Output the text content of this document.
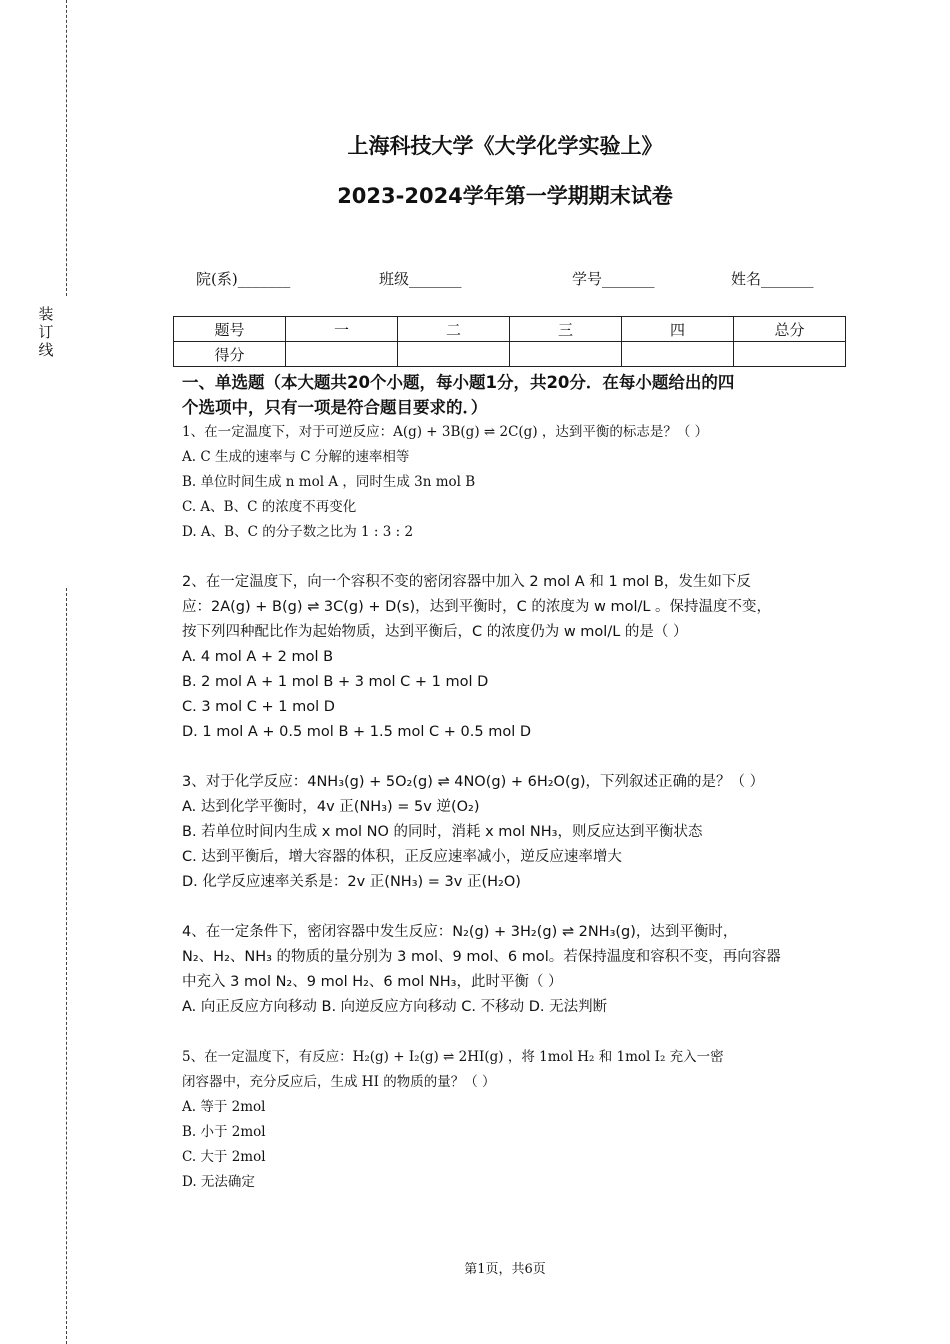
装订线
上海科技大学《大学化学实验上》
2023-2024学年第一学期期末试卷
院(系)_______	班级_______	学号_______	姓名_______
题号	一	二	三	四	总分
得分					

一、单选题（本大题共20个小题，每小题1分，共20分．在每小题给出的四

个选项中，只有一项是符合题目要求的．）

1、在一定温度下，对于可逆反应：A(g) + 3B(g) ⇌ 2C(g) ，达到平衡的标志是？（ ）

A. C 生成的速率与 C 分解的速率相等

B. 单位时间生成 n mol A ，同时生成 3n mol B

C. A、B、C 的浓度不再变化

D. A、B、C 的分子数之比为 1 : 3 : 2

2、在一定温度下，向一个容积不变的密闭容器中加入 2 mol A 和 1 mol B，发生如下反

应：2A(g) + B(g) ⇌ 3C(g) + D(s)，达到平衡时，C 的浓度为 w mol/L 。保持温度不变，

按下列四种配比作为起始物质，达到平衡后，C 的浓度仍为 w mol/L 的是（ ）

A. 4 mol A + 2 mol B

B. 2 mol A + 1 mol B + 3 mol C + 1 mol D

C. 3 mol C + 1 mol D

D. 1 mol A + 0.5 mol B + 1.5 mol C + 0.5 mol D

3、对于化学反应：4NH₃(g) + 5O₂(g) ⇌ 4NO(g) + 6H₂O(g)，下列叙述正确的是？（ ）

A. 达到化学平衡时，4v 正(NH₃) = 5v 逆(O₂)

B. 若单位时间内生成 x mol NO 的同时，消耗 x mol NH₃，则反应达到平衡状态

C. 达到平衡后，增大容器的体积，正反应速率减小，逆反应速率增大

D. 化学反应速率关系是：2v 正(NH₃) = 3v 正(H₂O)

4、在一定条件下，密闭容器中发生反应：N₂(g) + 3H₂(g) ⇌ 2NH₃(g)，达到平衡时，

N₂、H₂、NH₃ 的物质的量分别为 3 mol、9 mol、6 mol。若保持温度和容积不变，再向容器

中充入 3 mol N₂、9 mol H₂、6 mol NH₃，此时平衡（ ）

A. 向正反应方向移动 B. 向逆反应方向移动 C. 不移动 D. 无法判断

5、在一定温度下，有反应：H₂(g) + I₂(g) ⇌ 2HI(g) ，将 1mol H₂ 和 1mol I₂ 充入一密

闭容器中，充分反应后，生成 HI 的物质的量？（ ）

A. 等于 2mol

B. 小于 2mol

C. 大于 2mol

D. 无法确定

第1页，共6页
